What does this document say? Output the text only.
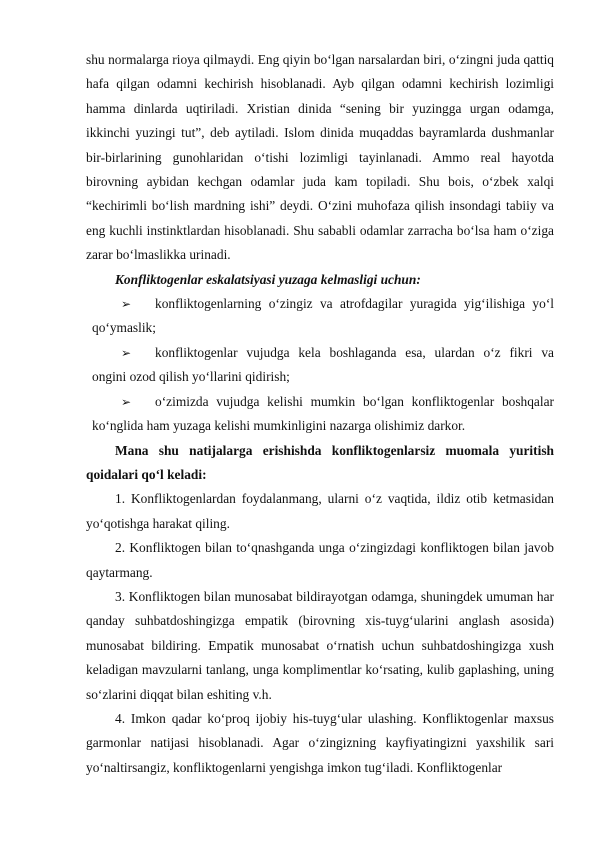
shu normalarga rioya qilmaydi. Eng qiyin bo‘lgan narsalardan biri, o‘zingni juda qattiq hafa qilgan odamni kechirish hisoblanadi. Ayb qilgan odamni kechirish lozimligi hamma dinlarda uqtiriladi. Xristian dinida “sening bir yuzingga urgan odamga, ikkinchi yuzingi tut”, deb aytiladi. Islom dinida muqaddas bayramlarda dushmanlar bir-birlarining gunohlaridan o‘tishi lozimligi tayinlanadi. Ammo real hayotda birovning aybidan kechgan odamlar juda kam topiladi. Shu bois, o‘zbek xalqi “kechirimli bo‘lish mardning ishi” deydi. O‘zini muhofaza qilish insondagi tabiiy va eng kuchli instinktlardan hisoblanadi. Shu sababli odamlar zarracha bo‘lsa ham o‘ziga zarar bo‘lmaslikka urinadi.

Konfliktogenlar eskalatsiyasi yuzaga kelmasligi uchun:

➢ konfliktogenlarning o‘zingiz va atrofdagilar yuragida yig‘ilishiga yo‘l
qo‘ymaslik;
➢ konfliktogenlar vujudga kela boshlaganda esa, ulardan o‘z fikri va
ongini ozod qilish yo‘llarini qidirish;
➢ o‘zimizda vujudga kelishi mumkin bo‘lgan konfliktogenlar boshqalar
ko‘nglida ham yuzaga kelishi mumkinligini nazarga olishimiz darkor.

Mana shu natijalarga erishishda konfliktogenlarsiz muomala yuritish qoidalari qo‘l keladi:

1. Konfliktogenlardan foydalanmang, ularni o‘z vaqtida, ildiz otib ketmasidan yo‘qotishga harakat qiling.

2. Konfliktogen bilan to‘qnashganda unga o‘zingizdagi konfliktogen bilan javob qaytarmang.

3. Konfliktogen bilan munosabat bildirayotgan odamga, shuningdek umuman har qanday suhbatdoshingizga empatik (birovning xis-tuyg‘ularini anglash asosida) munosabat bildiring. Empatik munosabat o‘rnatish uchun suhbatdoshingizga xush keladigan mavzularni tanlang, unga komplimentlar ko‘rsating, kulib gaplashing, uning so‘zlarini diqqat bilan eshiting v.h.

4. Imkon qadar ko‘proq ijobiy his-tuyg‘ular ulashing. Konfliktogenlar maxsus garmonlar natijasi hisoblanadi. Agar o‘zingizning kayfiyatingizni yaxshilik sari yo‘naltirsangiz, konfliktogenlarni yengishga imkon tug‘iladi. Konfliktogenlar
